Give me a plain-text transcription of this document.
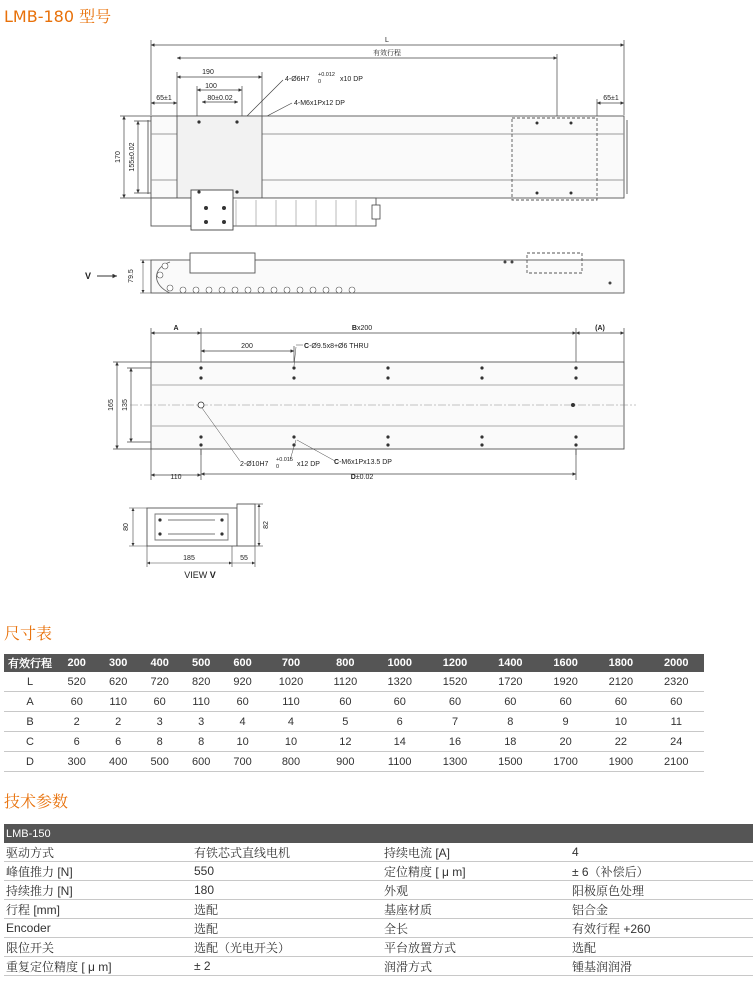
LMB-180 型号
L
有效行程
190
100
80±0.02
65±1	65±1
4-Ø6H7
+0.012
0	x10 DP
4-M6x1Px12 DP
170 155±0.02
V	79.5
A	Bx200	(A)
200	C-Ø9.5x8+Ø6 THRU
165 135
2-Ø10H7
+0.015
0	x12 DP C-M6x1Px13.5 DP
110	D±0.02
80	82
185	55
VIEW V
尺寸表
有效行程	200	300	400	500	600	700	800	1000	1200	1400	1600	1800	2000
L	520	620	720	820	920	1020	1120	1320	1520	1720	1920	2120	2320
A	60	110	60	110	60	110	60	60	60	60	60	60	60
B	2	2	3	3	4	4	5	6	7	8	9	10	11
C	6	6	8	8	10	10	12	14	16	18	20	22	24
D	300	400	500	600	700	800	900	1100	1300	1500	1700	1900	2100
技术参数
LMB-150			
驱动方式	有铁芯式直线电机	持续电流 [A]	4
峰值推力 [N]	550	定位精度 [ μ m]	± 6（补偿后）
持续推力 [N]	180	外观	阳极原色处理
行程 [mm]	选配	基座材质	铝合金
Encoder	选配	全长	有效行程 +260
限位开关	选配（光电开关）	平台放置方式	选配
重复定位精度 [ μ m]	± 2	润滑方式	锺基润润滑
